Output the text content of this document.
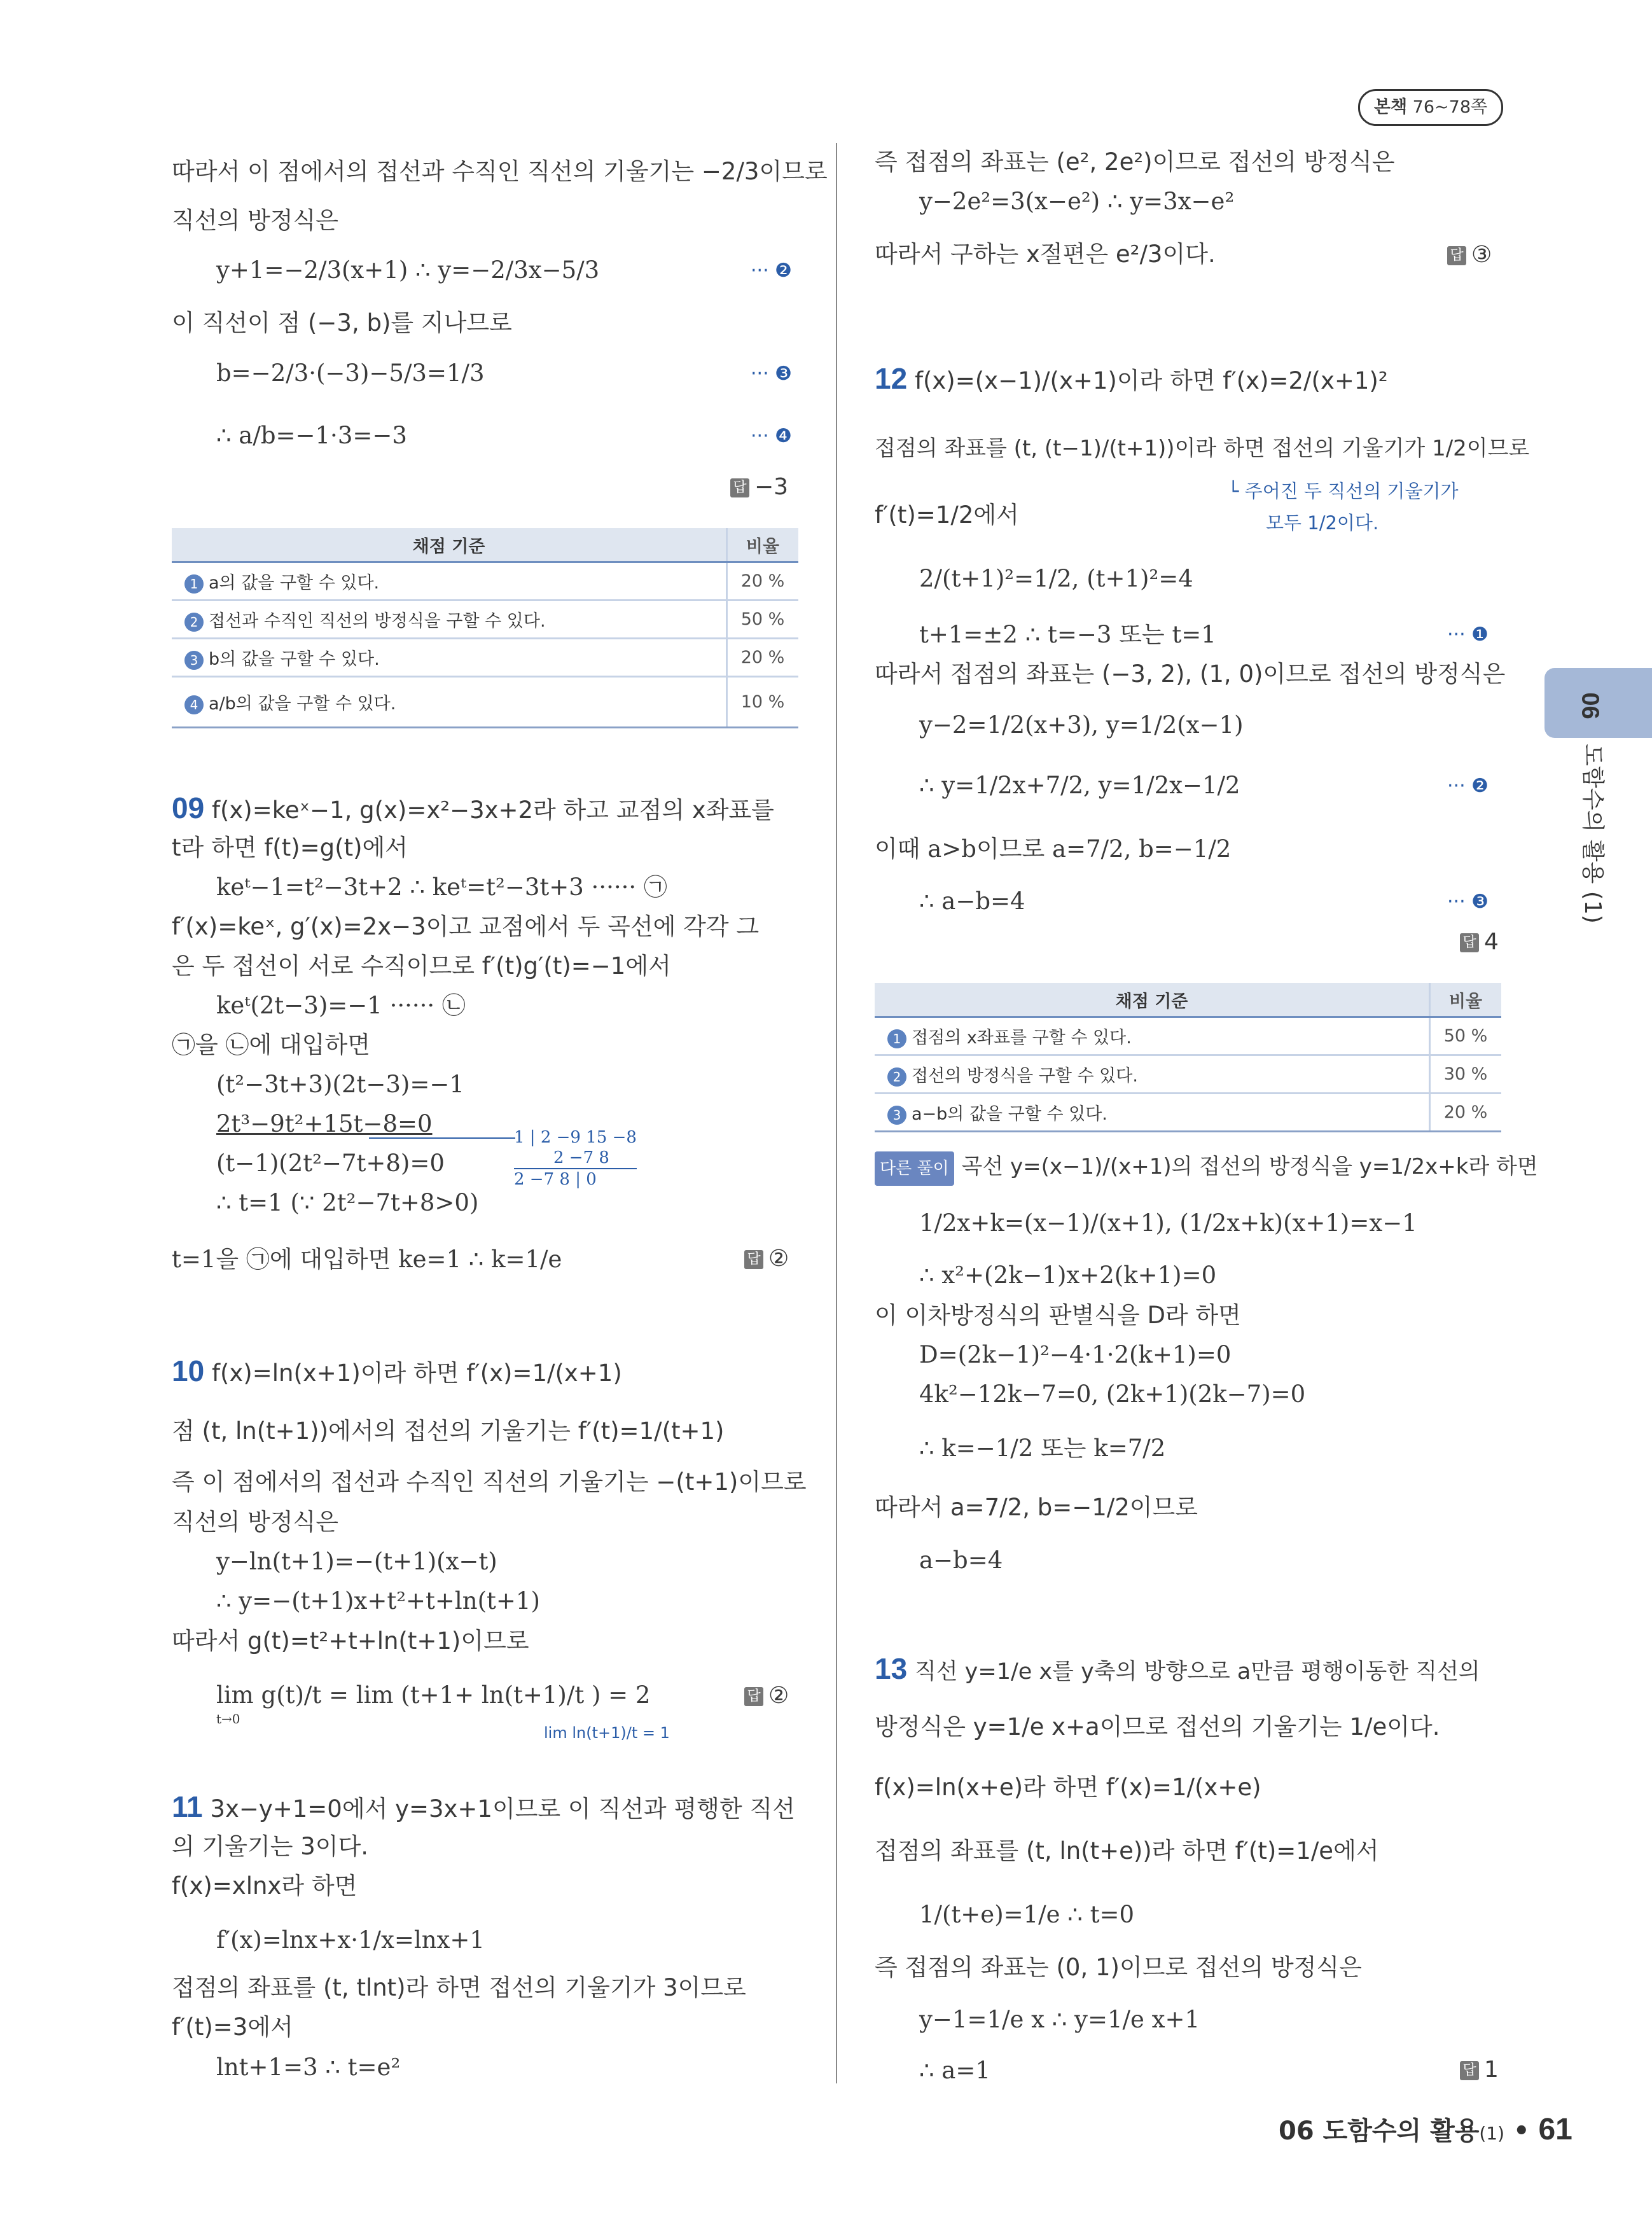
본책 76~78쪽
06
도함수의 활용 (1)
따라서 이 점에서의 접선과 수직인 직선의 기울기는 −2/3이므로
직선의 방정식은
y+1=−2/3(x+1) ∴ y=−2/3x−5/3	··· ❷
이 직선이 점 (−3, b)를 지나므로
b=−2/3·(−3)−5/3=1/3	··· ❸
∴ a/b=−1·3=−3	··· ❹
답 −3
채점 기준	비율
1 a의 값을 구할 수 있다.	20 %
2 접선과 수직인 직선의 방정식을 구할 수 있다.	50 %
3 b의 값을 구할 수 있다.	20 %
4 a/b의 값을 구할 수 있다.	10 %
09 f(x)=keˣ−1, g(x)=x²−3x+2라 하고 교점의 x좌표를
t라 하면 f(t)=g(t)에서
keᵗ−1=t²−3t+2 ∴ keᵗ=t²−3t+3 ······ ㉠
f′(x)=keˣ, g′(x)=2x−3이고 교점에서 두 곡선에 각각 그
은 두 접선이 서로 수직이므로 f′(t)g′(t)=−1에서
keᵗ(2t−3)=−1 ······ ㉡
㉠을 ㉡에 대입하면
(t²−3t+3)(2t−3)=−1
2t³−9t²+15t−8=0
(t−1)(2t²−7t+8)=0
∴ t=1 (∵ 2t²−7t+8>0)
1 | 2 −9 15 −8
2 −7 8
2 −7 8 | 0
t=1을 ㉠에 대입하면 ke=1 ∴ k=1/e	답 ②
10 f(x)=ln(x+1)이라 하면 f′(x)=1/(x+1)
점 (t, ln(t+1))에서의 접선의 기울기는 f′(t)=1/(t+1)
즉 이 점에서의 접선과 수직인 직선의 기울기는 −(t+1)이므로
직선의 방정식은
y−ln(t+1)=−(t+1)(x−t)
∴ y=−(t+1)x+t²+t+ln(t+1)
따라서 g(t)=t²+t+ln(t+1)이므로
lim g(t)/t = lim (t+1+ ln(t+1)/t ) = 2
t→0
lim ln(t+1)/t = 1
답 ②
11 3x−y+1=0에서 y=3x+1이므로 이 직선과 평행한 직선
의 기울기는 3이다.
f(x)=xlnx라 하면
f′(x)=lnx+x·1/x=lnx+1
접점의 좌표를 (t, tlnt)라 하면 접선의 기울기가 3이므로
f′(t)=3에서
lnt+1=3 ∴ t=e²
즉 접점의 좌표는 (e², 2e²)이므로 접선의 방정식은
y−2e²=3(x−e²) ∴ y=3x−e²
따라서 구하는 x절편은 e²/3이다.	답 ③
12 f(x)=(x−1)/(x+1)이라 하면 f′(x)=2/(x+1)²
접점의 좌표를 (t, (t−1)/(t+1))이라 하면 접선의 기울기가 1/2이므로
└ 주어진 두 직선의 기울기가
모두 1/2이다.
f′(t)=1/2에서
2/(t+1)²=1/2, (t+1)²=4
t+1=±2 ∴ t=−3 또는 t=1	··· ❶
따라서 접점의 좌표는 (−3, 2), (1, 0)이므로 접선의 방정식은
y−2=1/2(x+3), y=1/2(x−1)
∴ y=1/2x+7/2, y=1/2x−1/2	··· ❷
이때 a>b이므로 a=7/2, b=−1/2
∴ a−b=4	··· ❸
답 4
채점 기준	비율
1 접점의 x좌표를 구할 수 있다.	50 %
2 접선의 방정식을 구할 수 있다.	30 %
3 a−b의 값을 구할 수 있다.	20 %
다른 풀이 곡선 y=(x−1)/(x+1)의 접선의 방정식을 y=1/2x+k라 하면
1/2x+k=(x−1)/(x+1), (1/2x+k)(x+1)=x−1
∴ x²+(2k−1)x+2(k+1)=0
이 이차방정식의 판별식을 D라 하면
D=(2k−1)²−4·1·2(k+1)=0
4k²−12k−7=0, (2k+1)(2k−7)=0
∴ k=−1/2 또는 k=7/2
따라서 a=7/2, b=−1/2이므로
a−b=4
13 직선 y=1/e x를 y축의 방향으로 a만큼 평행이동한 직선의
방정식은 y=1/e x+a이므로 접선의 기울기는 1/e이다.
f(x)=ln(x+e)라 하면 f′(x)=1/(x+e)
접점의 좌표를 (t, ln(t+e))라 하면 f′(t)=1/e에서
1/(t+e)=1/e ∴ t=0
즉 접점의 좌표는 (0, 1)이므로 접선의 방정식은
y−1=1/e x ∴ y=1/e x+1
∴ a=1	답 1
06 도함수의 활용(1) • 61
